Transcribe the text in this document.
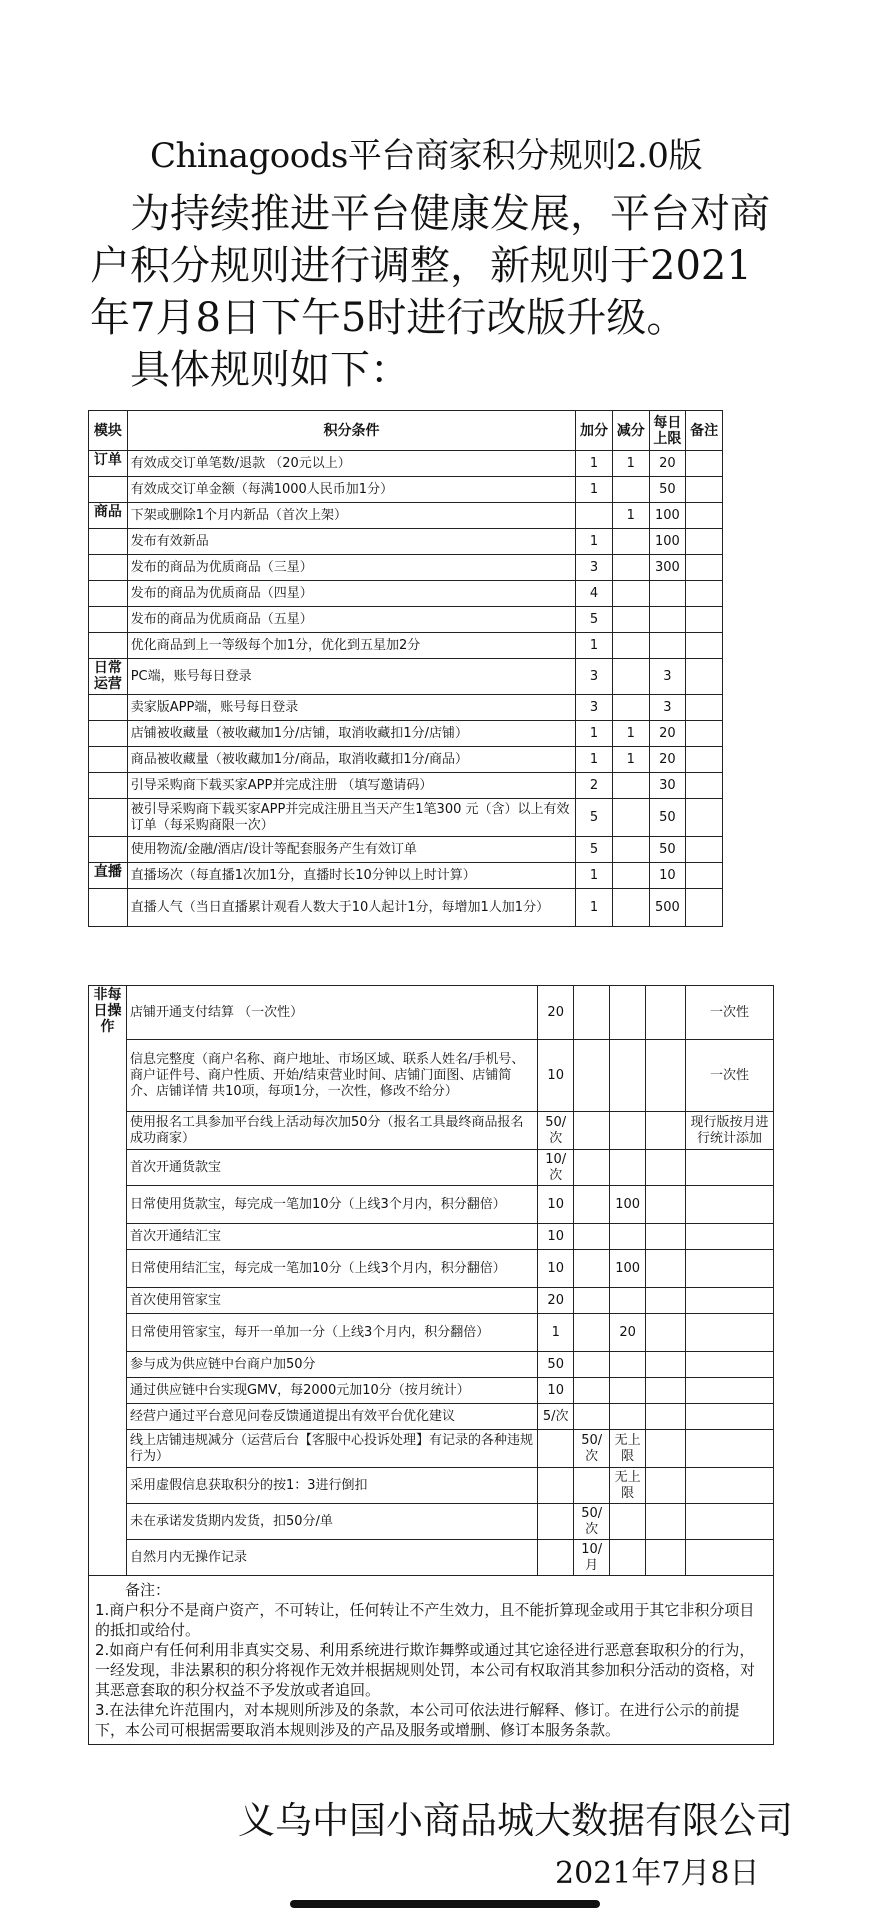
Chinagoods平台商家积分规则2.0版
为持续推进平台健康发展，平台对商户积分规则进行调整，新规则于2021年7月8日下午5时进行改版升级。
具体规则如下：
模块	积分条件	加分	减分	每日上限	备注
订单	有效成交订单笔数/退款 （20元以上）	1	1	20	
	有效成交订单金额（每满1000人民币加1分）	1		50	
商品	下架或删除1个月内新品（首次上架）		1	100	
	发布有效新品	1		100	
	发布的商品为优质商品（三星）	3		300	
	发布的商品为优质商品（四星）	4			
	发布的商品为优质商品（五星）	5			
	优化商品到上一等级每个加1分，优化到五星加2分	1			
日常运营	PC端，账号每日登录	3		3	
	卖家版APP端，账号每日登录	3		3	
	店铺被收藏量（被收藏加1分/店铺，取消收藏扣1分/店铺）	1	1	20	
	商品被收藏量（被收藏加1分/商品，取消收藏扣1分/商品）	1	1	20	
	引导采购商下载买家APP并完成注册 （填写邀请码）	2		30	
	被引导采购商下载买家APP并完成注册且当天产生1笔300 元（含）以上有效订单（每采购商限一次）	5		50	
	使用物流/金融/酒店/设计等配套服务产生有效订单	5		50	
直播	直播场次（每直播1次加1分，直播时长10分钟以上时计算）	1		10	
	直播人气（当日直播累计观看人数大于10人起计1分，每增加1人加1分）	1		500	
非每日操作	店铺开通支付结算 （一次性）	20				一次性
	信息完整度（商户名称、商户地址、市场区域、联系人姓名/手机号、商户证件号、商户性质、开始/结束营业时间、店铺门面图、店铺简介、店铺详情 共10项，每项1分，一次性，修改不给分）	10				一次性
	使用报名工具参加平台线上活动每次加50分（报名工具最终商品报名成功商家）	50/次				现行版按月进行统计添加
	首次开通货款宝	10/次				
	日常使用货款宝，每完成一笔加10分（上线3个月内，积分翻倍）	10		100		
	首次开通结汇宝	10				
	日常使用结汇宝，每完成一笔加10分（上线3个月内，积分翻倍）	10		100		
	首次使用管家宝	20				
	日常使用管家宝，每开一单加一分（上线3个月内，积分翻倍）	1		20		
	参与成为供应链中台商户加50分	50				
	通过供应链中台实现GMV，每2000元加10分（按月统计）	10				
	经营户通过平台意见问卷反馈通道提出有效平台优化建议	5/次				
	线上店铺违规减分（运营后台【客服中心投诉处理】有记录的各种违规行为）		50/次	无上限		
	采用虚假信息获取积分的按1：3进行倒扣			无上限		
	未在承诺发货期内发货，扣50分/单		50/次			
	自然月内无操作记录		10/月			

备注：
1.商户积分不是商户资产，不可转让，任何转让不产生效力，且不能折算现金或用于其它非积分项目的抵扣或给付。
2.如商户有任何利用非真实交易、利用系统进行欺诈舞弊或通过其它途径进行恶意套取积分的行为，一经发现，非法累积的积分将视作无效并根据规则处罚，本公司有权取消其参加积分活动的资格，对其恶意套取的积分权益不予发放或者追回。
3.在法律允许范围内，对本规则所涉及的条款，本公司可依法进行解释、修订。在进行公示的前提下，本公司可根据需要取消本规则涉及的产品及服务或增删、修订本服务条款。						
义乌中国小商品城大数据有限公司
2021年7月8日
